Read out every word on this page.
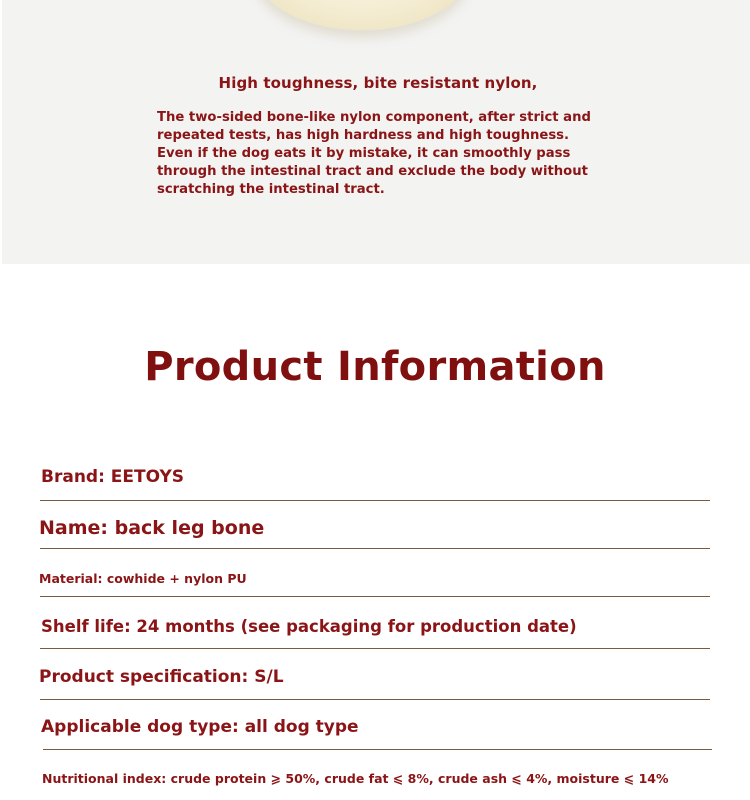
High toughness, bite resistant nylon,
The two-sided bone-like nylon component, after strict and repeated tests, has high hardness and high toughness. Even if the dog eats it by mistake, it can smoothly pass through the intestinal tract and exclude the body without scratching the intestinal tract.
Product Information
Brand: EETOYS
Name: back leg bone
Material: cowhide + nylon PU
Shelf life: 24 months (see packaging for production date)
Product specification: S/L
Applicable dog type: all dog type
Nutritional index: crude protein ⩾ 50%, crude fat ⩽ 8%, crude ash ⩽ 4%, moisture ⩽ 14%
